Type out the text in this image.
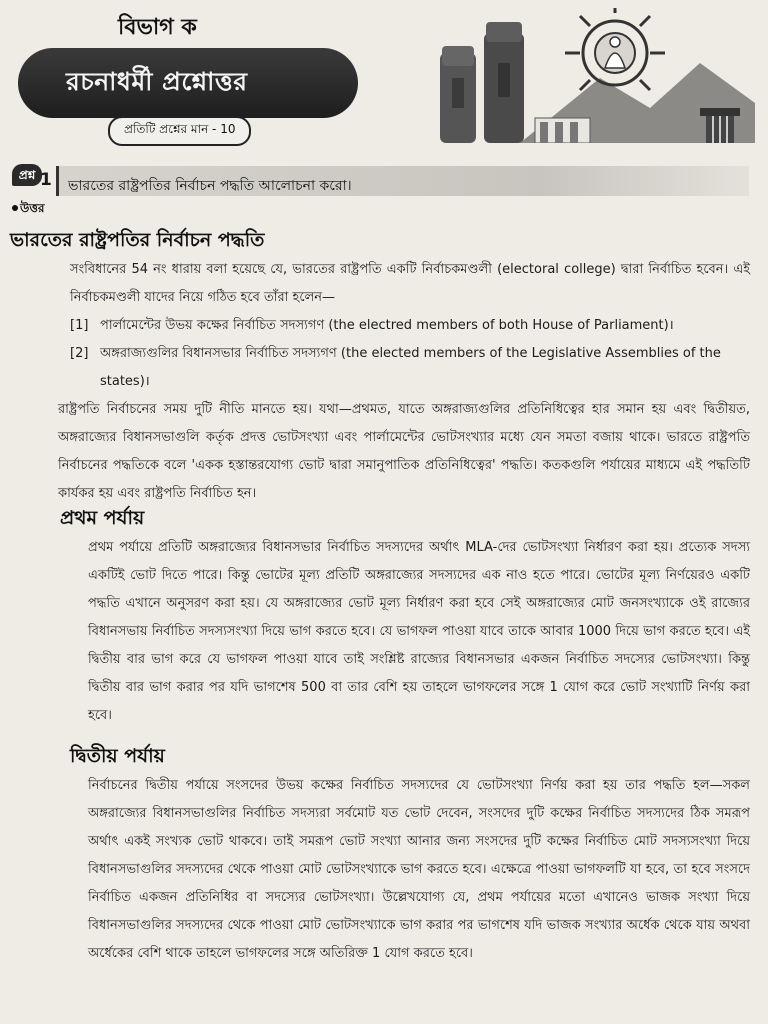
বিভাগ ক
রচনাধর্মী প্রশ্নোত্তর
প্রতিটি প্রশ্নের মান - 10
প্রশ্ন 1 ভারতের রাষ্ট্রপতির নির্বাচন পদ্ধতি আলোচনা করো।
উত্তর
ভারতের রাষ্ট্রপতির নির্বাচন পদ্ধতি
সংবিধানের 54 নং ধারায় বলা হয়েছে যে, ভারতের রাষ্ট্রপতি একটি নির্বাচকমণ্ডলী (electoral college) দ্বারা নির্বাচিত হবেন। এই নির্বাচকমণ্ডলী যাদের নিয়ে গঠিত হবে তাঁরা হলেন—
[1] পার্লামেন্টের উভয় কক্ষের নির্বাচিত সদস্যগণ (the electred members of both House of Parliament)।
[2] অঙ্গরাজ্যগুলির বিধানসভার নির্বাচিত সদস্যগণ (the elected members of the Legislative Assemblies of the states)।
রাষ্ট্রপতি নির্বাচনের সময় দুটি নীতি মানতে হয়। যথা—প্রথমত, যাতে অঙ্গরাজ্যগুলির প্রতিনিধিত্বের হার সমান হয় এবং দ্বিতীয়ত, অঙ্গরাজ্যের বিধানসভাগুলি কর্তৃক প্রদত্ত ভোটসংখ্যা এবং পার্লামেন্টের ভোটসংখ্যার মধ্যে যেন সমতা বজায় থাকে। ভারতে রাষ্ট্রপতি নির্বাচনের পদ্ধতিকে বলে 'একক হস্তান্তরযোগ্য ভোট দ্বারা সমানুপাতিক প্রতিনিধিত্বের' পদ্ধতি। কতকগুলি পর্যায়ের মাধ্যমে এই পদ্ধতিটি কার্যকর হয় এবং রাষ্ট্রপতি নির্বাচিত হন।
প্রথম পর্যায়
প্রথম পর্যায়ে প্রতিটি অঙ্গরাজ্যের বিধানসভার নির্বাচিত সদস্যদের অর্থাৎ MLA-দের ভোটসংখ্যা নির্ধারণ করা হয়। প্রত্যেক সদস্য একটিই ভোট দিতে পারে। কিন্তু ভোটের মূল্য প্রতিটি অঙ্গরাজ্যের সদস্যদের এক নাও হতে পারে। ভোটের মূল্য নির্ণয়েরও একটি পদ্ধতি এখানে অনুসরণ করা হয়। যে অঙ্গরাজ্যের ভোট মূল্য নির্ধারণ করা হবে সেই অঙ্গরাজ্যের মোট জনসংখ্যাকে ওই রাজ্যের বিধানসভায় নির্বাচিত সদস্যসংখ্যা দিয়ে ভাগ করতে হবে। যে ভাগফল পাওয়া যাবে তাকে আবার 1000 দিয়ে ভাগ করতে হবে। এই দ্বিতীয় বার ভাগ করে যে ভাগফল পাওয়া যাবে তাই সংশ্লিষ্ট রাজ্যের বিধানসভার একজন নির্বাচিত সদস্যের ভোটসংখ্যা। কিন্তু দ্বিতীয় বার ভাগ করার পর যদি ভাগশেষ 500 বা তার বেশি হয় তাহলে ভাগফলের সঙ্গে 1 যোগ করে ভোট সংখ্যাটি নির্ণয় করা হবে।
দ্বিতীয় পর্যায়
নির্বাচনের দ্বিতীয় পর্যায়ে সংসদের উভয় কক্ষের নির্বাচিত সদস্যদের যে ভোটসংখ্যা নির্ণয় করা হয় তার পদ্ধতি হল—সকল অঙ্গরাজ্যের বিধানসভাগুলির নির্বাচিত সদস্যরা সর্বমোট যত ভোট দেবেন, সংসদের দুটি কক্ষের নির্বাচিত সদস্যদের ঠিক সমরূপ অর্থাৎ একই সংখ্যক ভোট থাকবে। তাই সমরূপ ভোট সংখ্যা আনার জন্য সংসদের দুটি কক্ষের নির্বাচিত মোট সদস্যসংখ্যা দিয়ে বিধানসভাগুলির সদস্যদের থেকে পাওয়া মোট ভোটসংখ্যাকে ভাগ করতে হবে। এক্ষেত্রে পাওয়া ভাগফলটি যা হবে, তা হবে সংসদে নির্বাচিত একজন প্রতিনিধির বা সদস্যের ভোটসংখ্যা। উল্লেখযোগ্য যে, প্রথম পর্যায়ের মতো এখানেও ভাজক সংখ্যা দিয়ে বিধানসভাগুলির সদস্যদের থেকে পাওয়া মোট ভোটসংখ্যাকে ভাগ করার পর ভাগশেষ যদি ভাজক সংখ্যার অর্ধেক থেকে যায় অথবা অর্ধেকের বেশি থাকে তাহলে ভাগফলের সঙ্গে অতিরিক্ত 1 যোগ করতে হবে।
